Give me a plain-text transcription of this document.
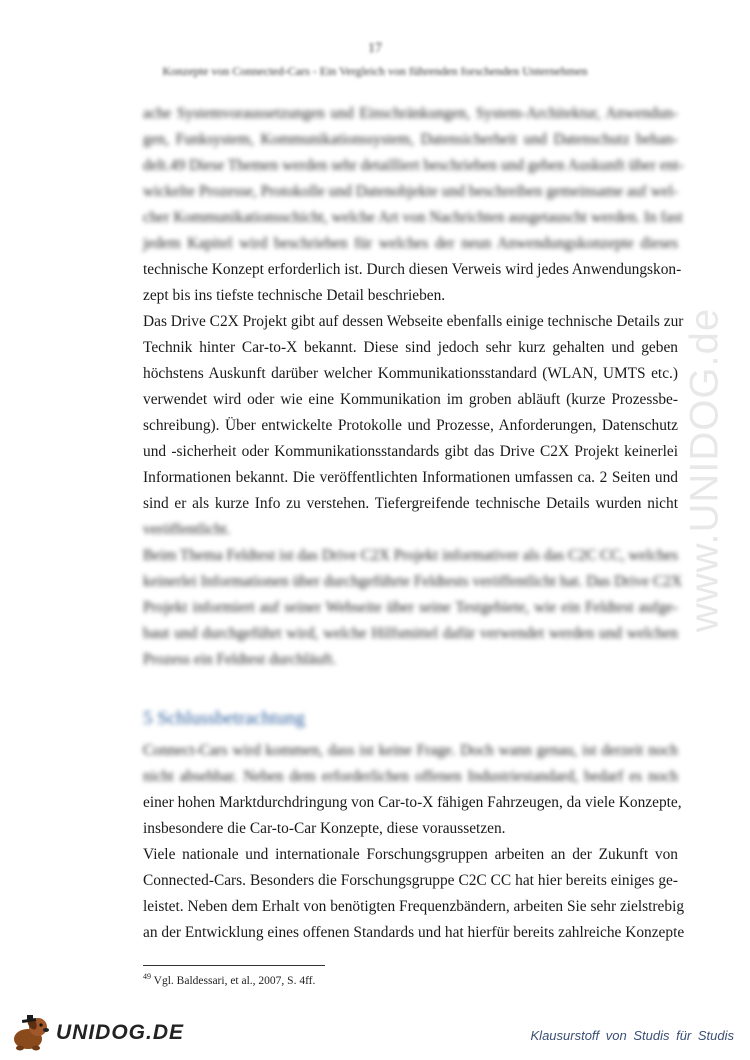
www.UNIDOG.de
17
Konzepte von Connected-Cars - Ein Vergleich von führenden forschenden Unternehmen
ache Systemvoraussetzungen und Einschränkungen, System-Architektur, Anwendun-
gen, Funksystem, Kommunikationssystem, Datensicherheit und Datenschutz behan-
delt.49 Diese Themen werden sehr detailliert beschrieben und geben Auskunft über ent-
wickelte Prozesse, Protokolle und Datenobjekte und beschreiben gemeinsame auf wel-
cher Kommunikationsschicht, welche Art von Nachrichten ausgetauscht werden. In fast
jedem Kapitel wird beschrieben für welches der neun Anwendungskonzepte dieses
technische Konzept erforderlich ist. Durch diesen Verweis wird jedes Anwendungskon-
zept bis ins tiefste technische Detail beschrieben.
Das Drive C2X Projekt gibt auf dessen Webseite ebenfalls einige technische Details zur
Technik hinter Car-to-X bekannt. Diese sind jedoch sehr kurz gehalten und geben
höchstens Auskunft darüber welcher Kommunikationsstandard (WLAN, UMTS etc.)
verwendet wird oder wie eine Kommunikation im groben abläuft (kurze Prozessbe-
schreibung). Über entwickelte Protokolle und Prozesse, Anforderungen, Datenschutz
und -sicherheit oder Kommunikationsstandards gibt das Drive C2X Projekt keinerlei
Informationen bekannt. Die veröffentlichten Informationen umfassen ca. 2 Seiten und
sind er als kurze Info zu verstehen. Tiefergreifende technische Details wurden nicht
veröffentlicht.
Beim Thema Feldtest ist das Drive C2X Projekt informativer als das C2C CC, welches
keinerlei Informationen über durchgeführte Feldtests veröffentlicht hat. Das Drive C2X
Projekt informiert auf seiner Webseite über seine Testgebiete, wie ein Feldtest aufge-
baut und durchgeführt wird, welche Hilfsmittel dafür verwendet werden und welchen
Prozess ein Feldtest durchläuft.
5 Schlussbetrachtung
Connect-Cars wird kommen, dass ist keine Frage. Doch wann genau, ist derzeit noch
nicht absehbar. Neben dem erforderlichen offenen Industriestandard, bedarf es noch
einer hohen Marktdurchdringung von Car-to-X fähigen Fahrzeugen, da viele Konzepte,
insbesondere die Car-to-Car Konzepte, diese voraussetzen.
Viele nationale und internationale Forschungsgruppen arbeiten an der Zukunft von
Connected-Cars. Besonders die Forschungsgruppe C2C CC hat hier bereits einiges ge-
leistet. Neben dem Erhalt von benötigten Frequenzbändern, arbeiten Sie sehr zielstrebig
an der Entwicklung eines offenen Standards und hat hierfür bereits zahlreiche Konzepte
$^{49}$ Vgl. Baldessari, et al., 2007, S. 4ff.
UNIDOG.DE	Klausurstoff von Studis für Studis
